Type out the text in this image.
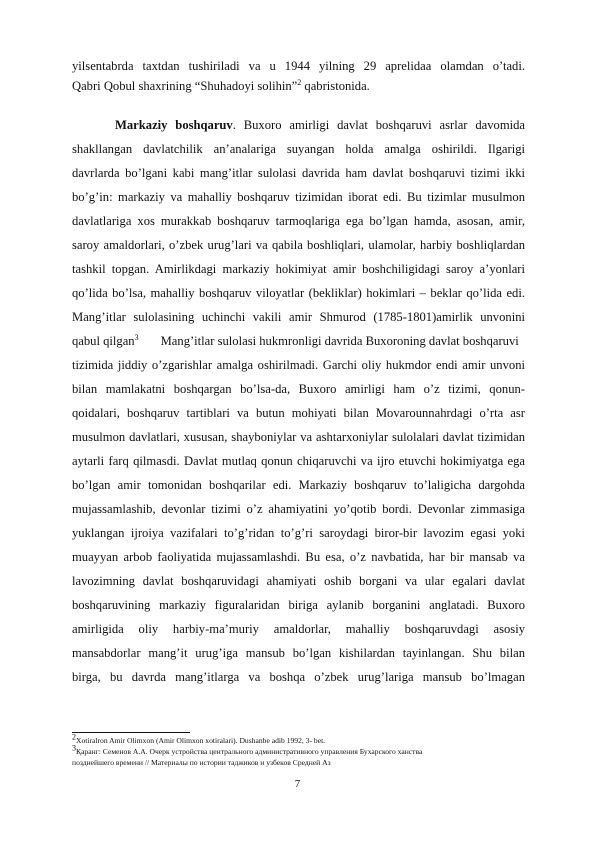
yilsentabrda taxtdan tushiriladi va u 1944 yilning 29 aprelidaa olamdan o’tadi.
Qabri Qobul shaxrining “Shuhadoyi solihin”$^2$ qabristonida.
Markaziy boshqaruv. Buxoro amirligi davlat boshqaruvi asrlar davomida
shakllangan davlatchilik an’analariga suyangan holda amalga oshirildi. Ilgarigi
davrlarda bo’lgani kabi mang’itlar sulolasi davrida ham davlat boshqaruvi tizimi ikki
bo’g’in: markaziy va mahalliy boshqaruv tizimidan iborat edi. Bu tizimlar musulmon
davlatlariga xos murakkab boshqaruv tarmoqlariga ega bo’lgan hamda, asosan, amir,
saroy amaldorlari, o’zbek urug’lari va qabila boshliqlari, ulamolar, harbiy boshliqlardan
tashkil topgan. Amirlikdagi markaziy hokimiyat amir boshchiligidagi saroy a’yonlari
qo’lida bo’lsa, mahalliy boshqaruv viloyatlar (bekliklar) hokimlari – beklar qo’lida edi.
Mang’itlar sulolasining uchinchi vakili amir Shmurod (1785-1801)amirlik unvonini
qabul qilgan$^3$ Mang’itlar sulolasi hukmronligi davrida Buxoroning davlat boshqaruvi
tizimida jiddiy o’zgarishlar amalga oshirilmadi. Garchi oliy hukmdor endi amir unvoni
bilan mamlakatni boshqargan bo’lsa-da, Buxoro amirligi ham o’z tizimi, qonun-
qoidalari, boshqaruv tartiblari va butun mohiyati bilan Movarounnahrdagi o’rta asr
musulmon davlatlari, xususan, shayboniylar va ashtarxoniylar sulolalari davlat tizimidan
aytarli farq qilmasdi. Davlat mutlaq qonun chiqaruvchi va ijro etuvchi hokimiyatga ega
bo’lgan amir tomonidan boshqarilar edi. Markaziy boshqaruv to’laligicha dargohda
mujassamlashib, devonlar tizimi o’z ahamiyatini yo’qotib bordi. Devonlar zimmasiga
yuklangan ijroiya vazifalari to’g’ridan to’g’ri saroydagi biror-bir lavozim egasi yoki
muayyan arbob faoliyatida mujassamlashdi. Bu esa, o’z navbatida, har bir mansab va
lavozimning davlat boshqaruvidagi ahamiyati oshib borgani va ular egalari davlat
boshqaruvining markaziy figuralaridan biriga aylanib borganini anglatadi. Buxoro
amirligida oliy harbiy-ma’muriy amaldorlar, mahalliy boshqaruvdagi asosiy
mansabdorlar mang’it urug’iga mansub bo’lgan kishilardan tayinlangan. Shu bilan
birga, bu davrda mang’itlarga va boshqa o’zbek urug’lariga mansub bo’lmagan
$^2$Xotiralron Amir Olimxon (Amir Olimxon xotiralari). Dushanbe adib 1992, 3- bet.
$^3$Қаранг: Семенов А.А. Очерк устройства центрального административного управления Бухарского ханства
позднейшего времени // Материалы по истории таджиков и узбеков Средней Аз
7
